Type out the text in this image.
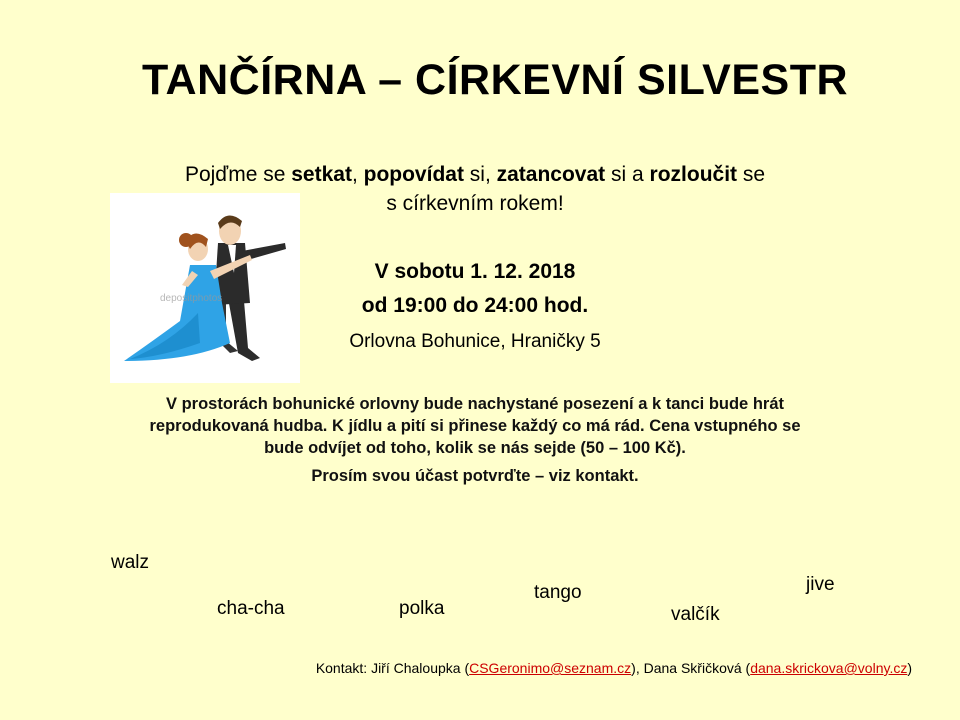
TANČÍRNA – CÍRKEVNÍ SILVESTR
Pojďme se setkat, popovídat si, zatancovat si a rozloučit se
s církevním rokem!
depositphotos
V sobotu 1. 12. 2018
od 19:00 do 24:00 hod.
Orlovna Bohunice, Hraničky 5
V prostorách bohunické orlovny bude nachystané posezení a k tanci bude hrát
reprodukovaná hudba. K jídlu a pití si přinese každý co má rád. Cena vstupného se
bude odvíjet od toho, kolik se nás sejde (50 – 100 Kč).
Prosím svou účast potvrďte – viz kontakt.
walz
cha-cha	polka
tango
valčík
jive
Kontakt: Jiří Chaloupka (CSGeronimo@seznam.cz), Dana Skřičková (dana.skrickova@volny.cz)
